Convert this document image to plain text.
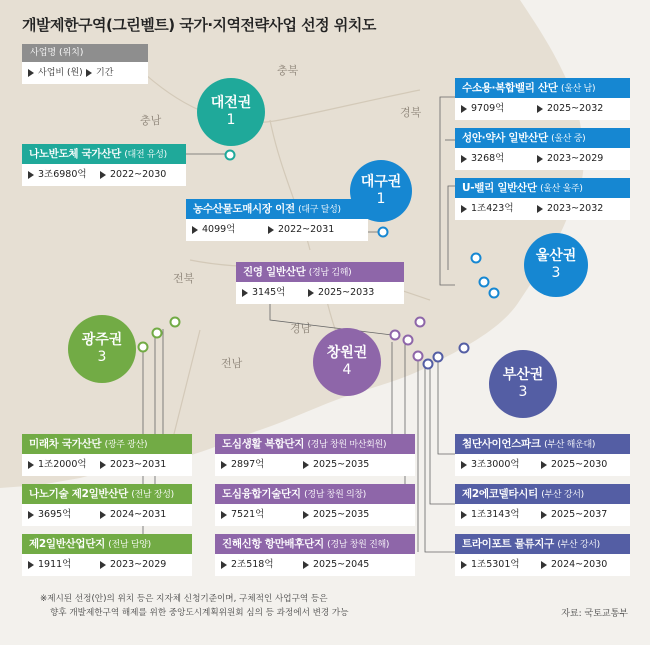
개발제한구역(그린벨트) 국가·지역전략사업 선정 위치도
사업명 (위치)
사업비 (원)	기간	충북
충남
경북
전북
경남
전남
대전권
1
대구권
1
광주권
3	창원권
4
울산권
3
부산권
3
나노반도체 국가산단 (대전 유성)
3조6980억	2022~2030
농수산물도매시장 이전 (대구 달성)
4099억	2022~2031
수소용·복합밸리 산단 (울산 남)
9709억	2025~2032
성안·약사 일반산단 (울산 중)
3268억	2023~2029
U-밸리 일반산단 (울산 울주)
1조423억	2023~2032
진영 일반산단 (경남 김해)
3145억	2025~2033
미래차 국가산단 (광주 광산)
1조2000억	2023~2031
나노기술 제2일반산단 (전남 장성)
3695억	2024~2031
제2일반산업단지 (전남 담양)
1911억	2023~2029
도심생활 복합단지 (경남 창원 마산회원)
2897억	2025~2035
도심융합기술단지 (경남 창원 의창)
7521억	2025~2035
진해신항 항만배후단지 (경남 창원 진해)
2조518억	2025~2045
첨단사이언스파크 (부산 해운대)
3조3000억	2025~2030
제2에코델타시티 (부산 강서)
1조3143억	2025~2037
트라이포트 물류지구 (부산 강서)
1조5301억	2024~2030
※제시된 선정(안)의 위치 등은 지자체 신청기준이며, 구체적인 사업구역 등은
향후 개발제한구역 해제를 위한 중앙도시계획위원회 심의 등 과정에서 변경 가능	자료: 국토교통부
